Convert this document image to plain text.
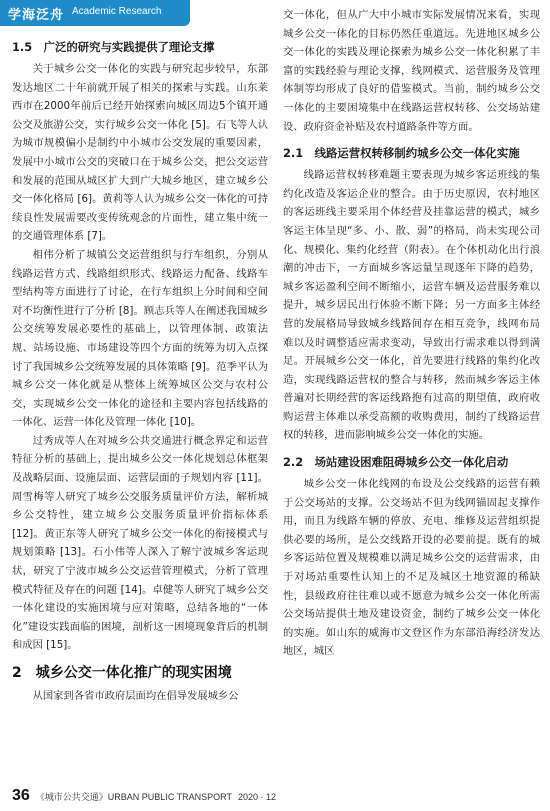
学海泛舟 Academic Research
1.5　广泛的研究与实践提供了理论支撑

关于城乡公交一体化的实践与研究起步较早，东部发达地区二十年前就开展了相关的探索与实践。山东莱西市在2000年前后已经开始探索向城区周边5个镇开通公交及旅游公交，实行城乡公交一体化 [5]。石飞等人认为城市规模偏小是制约中小城市公交发展的重要因素，发展中小城市公交的突破口在于城乡公交，把公交运营和发展的范围从城区扩大到广大城乡地区，建立城乡公交一体化格局 [6]。黄莉等人认为城乡公交一体化的可持续良性发展需要改变传统观念的片面性，建立集中统一的交通管理体系 [7]。

相伟分析了城镇公交运营组织与行车组织，分别从线路运营方式、线路组织形式、线路运力配备、线路车型结构等方面进行了讨论，在行车组织上分时间和空间对不均衡性进行了分析 [8]。顾志兵等人在阐述我国城乡公交统筹发展必要性的基础上，以管理体制、政策法规、站场设施、市场建设等四个方面的统筹为切入点探讨了我国城乡公交统筹发展的具体策略 [9]。范季平认为城乡公交一体化就是从整体上统筹城区公交与农村公交，实现城乡公交一体化的途径和主要内容包括线路的一体化、运营一体化及管理一体化 [10]。

过秀成等人在对城乡公共交通进行概念界定和运营特征分析的基础上，提出城乡公交一体化规划总体框架及战略层面、设施层面、运营层面的子规划内容 [11]。周雪梅等人研究了城乡公交服务质量评价方法，解析城乡公交特性，建立城乡公交服务质量评价指标体系 [12]。黄正东等人研究了城乡公交一体化的衔接模式与规划策略 [13]。石小伟等人深入了解宁波城乡客运现状，研究了宁波市城乡公交运营管理模式，分析了管理模式特征及存在的问题 [14]。卓健等人研究了城乡公交一体化建设的实施困境与应对策略，总结各地的“一体化”建设实践面临的困境，剖析这一困境现象背后的机制和成因 [15]。

2　城乡公交一体化推广的现实困境

从国家到各省市政府层面均在倡导发展城乡公

交一体化，但从广大中小城市实际发展情况来看，实现城乡公交一体化的目标仍然任重道远。先进地区城乡公交一体化的实践及理论探索为城乡公交一体化积累了丰富的实践经验与理论支撑，线网模式、运营服务及管理体制等均形成了良好的借鉴模式。当前，制约城乡公交一体化的主要困境集中在线路运营权转移、公交场站建设、政府资金补贴及农村道路条件等方面。

2.1　线路运营权转移制约城乡公交一体化实施

线路运营权转移难题主要表现为城乡客运班线的集约化改造及客运企业的整合。由于历史原因，农村地区的客运班线主要采用个体经营及挂靠运营的模式，城乡客运主体呈现“多、小、散、弱”的格局，尚未实现公司化、规模化、集约化经营（附表）。在个体机动化出行浪潮的冲击下，一方面城乡客运量呈现逐年下降的趋势，城乡客运盈利空间不断缩小，运营车辆及运营服务难以提升，城乡居民出行体验不断下降；另一方面多主体经营的发展格局导致城乡线路间存在相互竞争，线网布局难以及时调整适应需求变动，导致出行需求难以得到满足。开展城乡公交一体化，首先要进行线路的集约化改造，实现线路运营权的整合与转移，然而城乡客运主体普遍对长期经营的客运线路抱有过高的期望值，政府收购运营主体难以承受高额的收购费用，制约了线路运营权的转移，进而影响城乡公交一体化的实施。

2.2　场站建设困难阻碍城乡公交一体化启动

城乡公交一体化线网的布设及公交线路的运营有赖于公交场站的支撑。公交场站不但为线网锚固起支撑作用，而且为线路车辆的停放、充电、维修及运营组织提供必要的场所，是公交线路开设的必要前提。既有的城乡客运站位置及规模难以满足城乡公交的运营需求，由于对场站重要性认知上的不足及城区土地资源的稀缺性，县级政府往往难以或不愿意为城乡公交一体化所需公交场站提供土地及建设资金，制约了城乡公交一体化的实施。如山东的威海市文登区作为东部沿海经济发达地区，城区

36 《城市公共交通》URBAN PUBLIC TRANSPORT 2020 · 12
